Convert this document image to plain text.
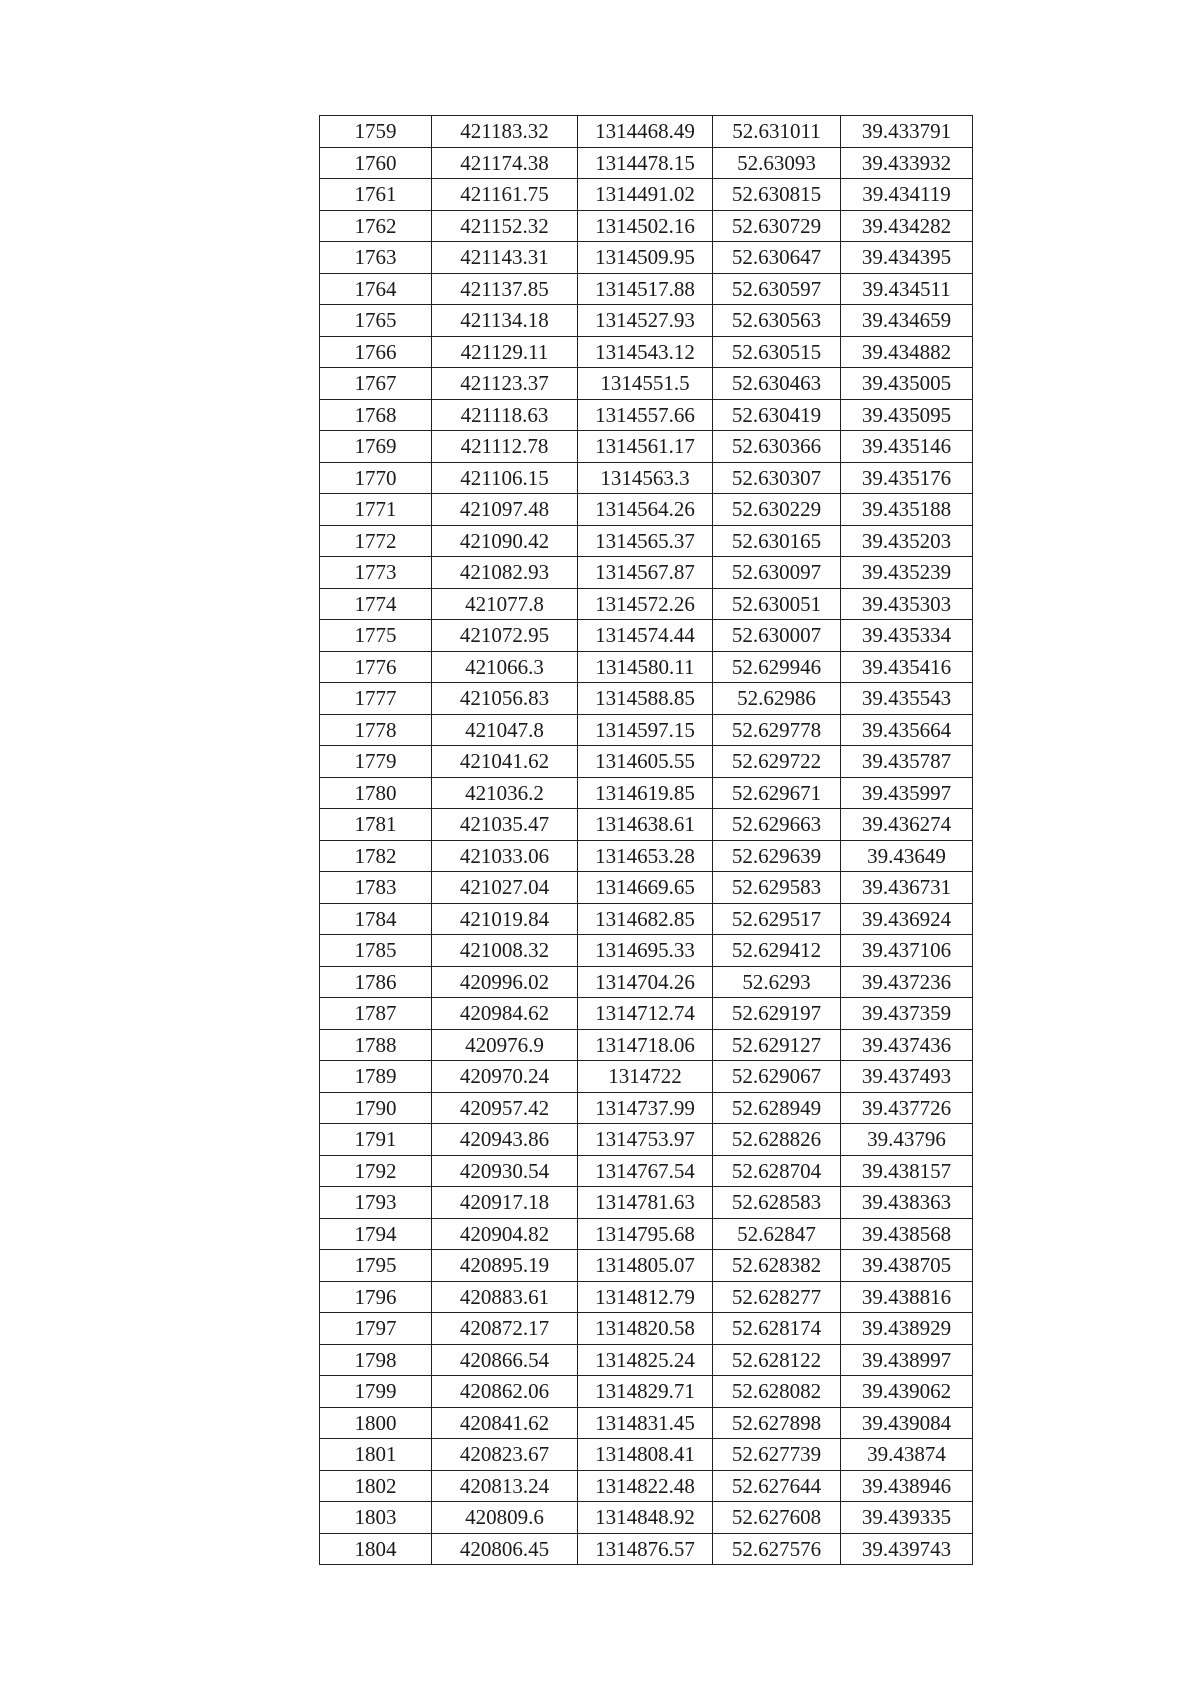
1759	421183.32	1314468.49	52.631011	39.433791
1760	421174.38	1314478.15	52.63093	39.433932
1761	421161.75	1314491.02	52.630815	39.434119
1762	421152.32	1314502.16	52.630729	39.434282
1763	421143.31	1314509.95	52.630647	39.434395
1764	421137.85	1314517.88	52.630597	39.434511
1765	421134.18	1314527.93	52.630563	39.434659
1766	421129.11	1314543.12	52.630515	39.434882
1767	421123.37	1314551.5	52.630463	39.435005
1768	421118.63	1314557.66	52.630419	39.435095
1769	421112.78	1314561.17	52.630366	39.435146
1770	421106.15	1314563.3	52.630307	39.435176
1771	421097.48	1314564.26	52.630229	39.435188
1772	421090.42	1314565.37	52.630165	39.435203
1773	421082.93	1314567.87	52.630097	39.435239
1774	421077.8	1314572.26	52.630051	39.435303
1775	421072.95	1314574.44	52.630007	39.435334
1776	421066.3	1314580.11	52.629946	39.435416
1777	421056.83	1314588.85	52.62986	39.435543
1778	421047.8	1314597.15	52.629778	39.435664
1779	421041.62	1314605.55	52.629722	39.435787
1780	421036.2	1314619.85	52.629671	39.435997
1781	421035.47	1314638.61	52.629663	39.436274
1782	421033.06	1314653.28	52.629639	39.43649
1783	421027.04	1314669.65	52.629583	39.436731
1784	421019.84	1314682.85	52.629517	39.436924
1785	421008.32	1314695.33	52.629412	39.437106
1786	420996.02	1314704.26	52.6293	39.437236
1787	420984.62	1314712.74	52.629197	39.437359
1788	420976.9	1314718.06	52.629127	39.437436
1789	420970.24	1314722	52.629067	39.437493
1790	420957.42	1314737.99	52.628949	39.437726
1791	420943.86	1314753.97	52.628826	39.43796
1792	420930.54	1314767.54	52.628704	39.438157
1793	420917.18	1314781.63	52.628583	39.438363
1794	420904.82	1314795.68	52.62847	39.438568
1795	420895.19	1314805.07	52.628382	39.438705
1796	420883.61	1314812.79	52.628277	39.438816
1797	420872.17	1314820.58	52.628174	39.438929
1798	420866.54	1314825.24	52.628122	39.438997
1799	420862.06	1314829.71	52.628082	39.439062
1800	420841.62	1314831.45	52.627898	39.439084
1801	420823.67	1314808.41	52.627739	39.43874
1802	420813.24	1314822.48	52.627644	39.438946
1803	420809.6	1314848.92	52.627608	39.439335
1804	420806.45	1314876.57	52.627576	39.439743
